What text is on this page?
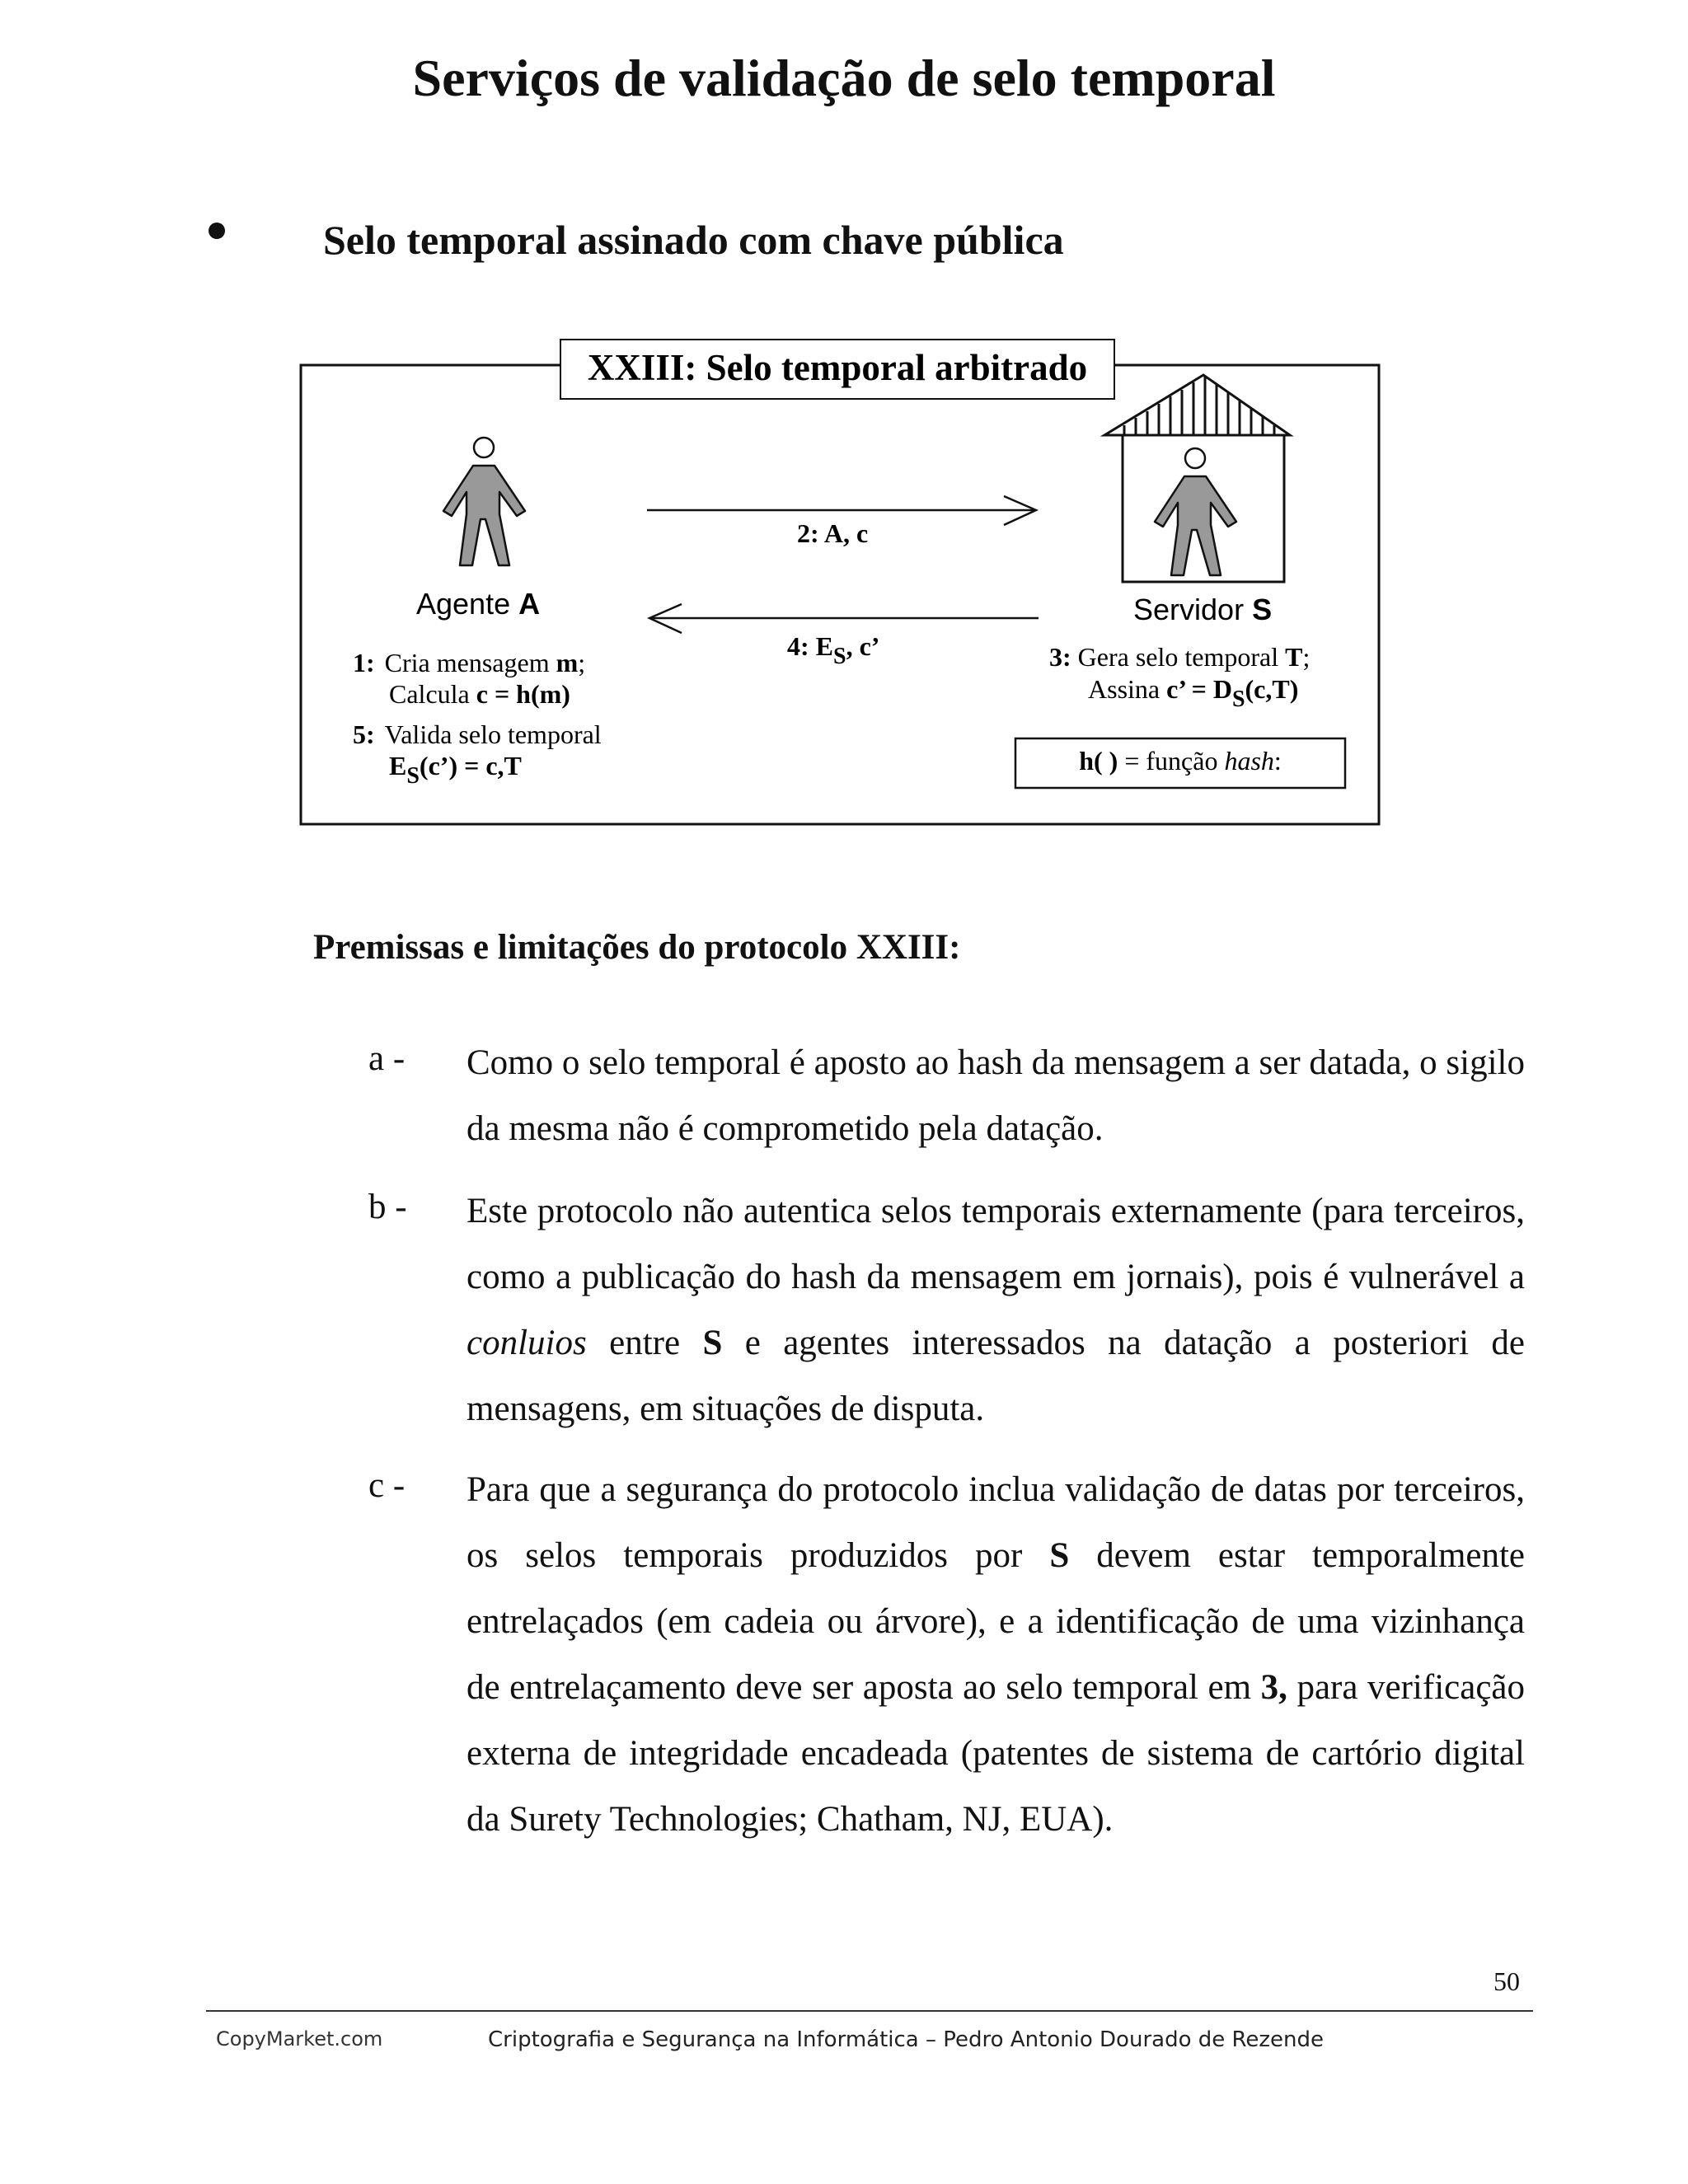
Serviços de validação de selo temporal
Selo temporal assinado com chave pública
XXIII: Selo temporal arbitrado
2: A, c
4: ES, c’
Agente A	Servidor S
1: Cria mensagem m;
Calcula c = h(m)
5: Valida selo temporal
ES(c’) = c,T
3: Gera selo temporal T;
Assina c’ = DS(c,T)
h( ) = função hash:
Premissas e limitações do protocolo XXIII:
a - Como o selo temporal é aposto ao hash da mensagem a ser datada, o sigilo da mesma não é comprometido pela datação.
b - Este protocolo não autentica selos temporais externamente (para terceiros, como a publicação do hash da mensagem em jornais), pois é vulnerável a conluios entre S e agentes interessados na datação a posteriori de mensagens, em situações de disputa.
c - Para que a segurança do protocolo inclua validação de datas por terceiros, os selos temporais produzidos por S devem estar temporalmente entrelaçados (em cadeia ou árvore), e a identificação de uma vizinhança de entrelaçamento deve ser aposta ao selo temporal em 3, para verificação externa de integridade encadeada (patentes de sistema de cartório digital da Surety Technologies; Chatham, NJ, EUA).
50
CopyMarket.com	Criptografia e Segurança na Informática – Pedro Antonio Dourado de Rezende
